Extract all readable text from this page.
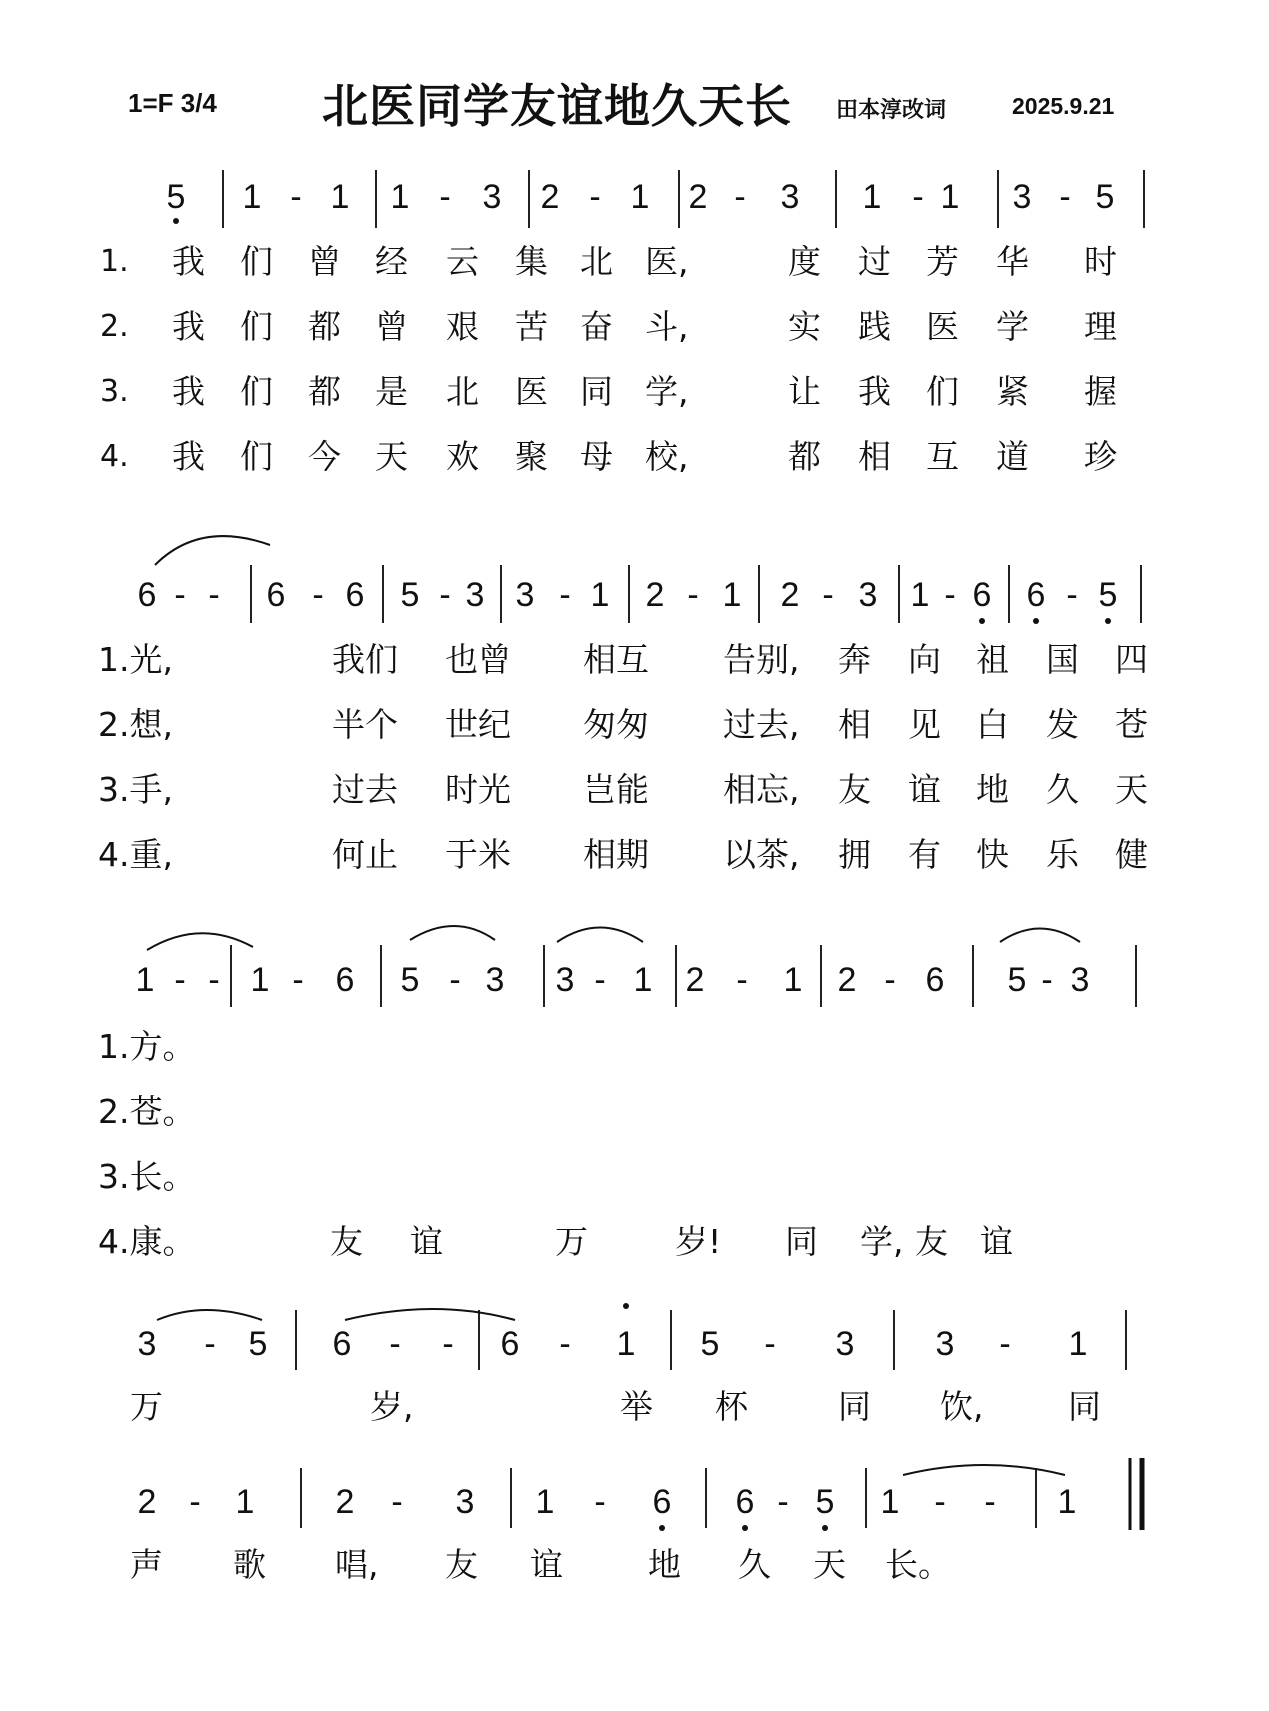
1=F 3/4 北医同学友谊地久天长 田本淳改词	2025.9.21
5 1 - 1 1 - 3 2 - 1 2 - 3 1 - 1 3 - 5
1. 我 们 曾 经 云 集 北 医,	度 过 芳 华 时
2. 我 们 都 曾 艰 苦 奋 斗,	实 践 医 学 理
3. 我 们 都 是 北 医 同 学,	让 我 们 紧 握
4. 我 们 今 天 欢 聚 母 校,	都 相 互 道 珍
6 - - 6 - 6 5 - 3 3 - 1 2 - 1 2 - 3 1 - 6 6 - 5
1.光,	我们 也曾 相互 告别, 奔 向 祖 国 四
2.想,	半个 世纪 匆匆 过去, 相 见 白 发 苍
3.手,	过去 时光 岂能 相忘, 友 谊 地 久 天
4.重,	何止 于米 相期 以茶, 拥 有 快 乐 健
1 - - 1 - 6 5 - 3 3 - 1 2 - 1 2 - 6 5 - 3
1.方。
2.苍。
3.长。
4.康。	友 谊	万	岁! 同 学, 友 谊
3 - 5 6 - - 6 - 1 5 - 3 3 - 1
万	岁,	举 杯	同 饮,	同
2 - 1 2 - 3 1 - 6 6 - 5 1 - - 1
声 歌 唱, 友 谊	地 久 天 长。
